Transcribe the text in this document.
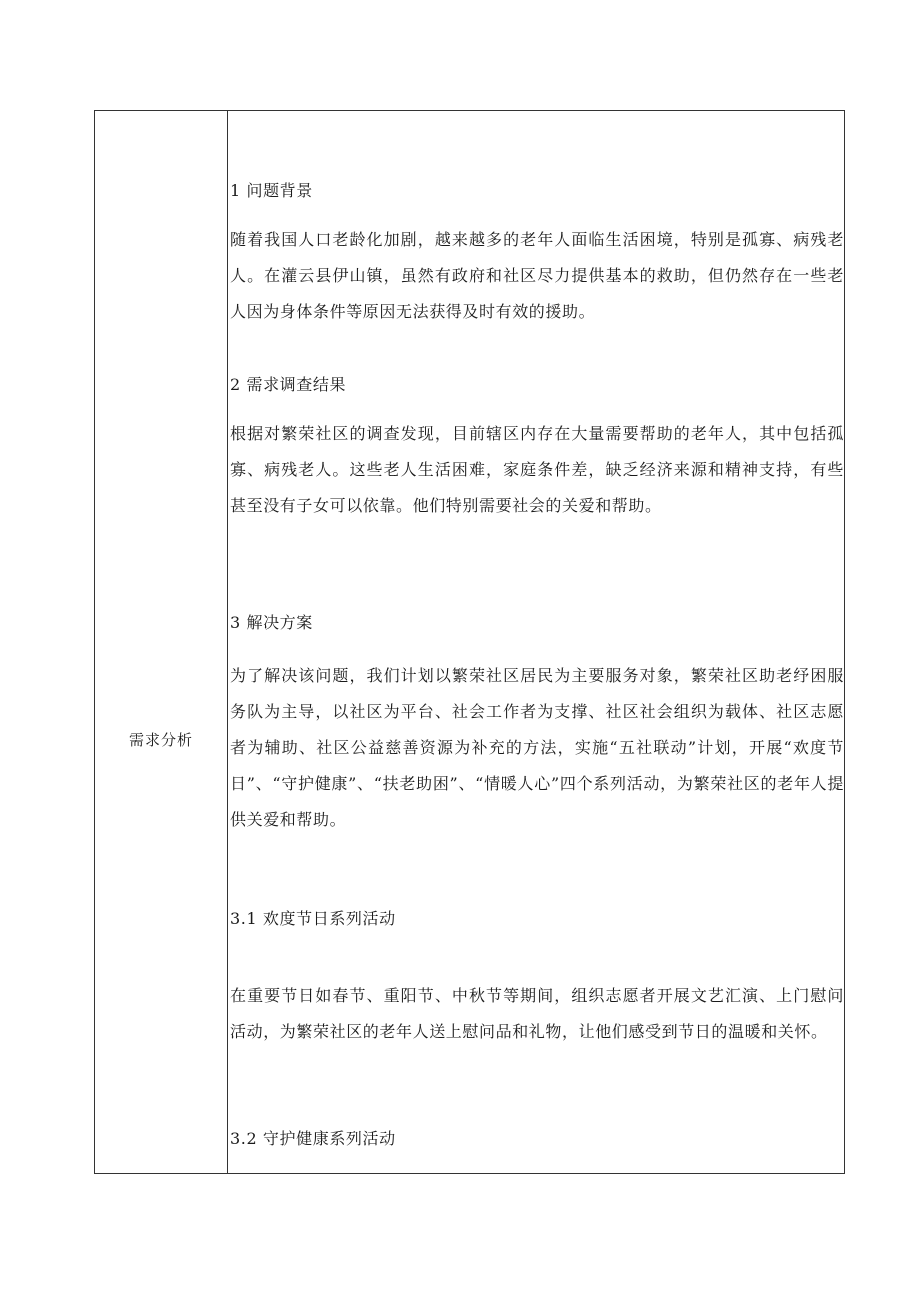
需求分析

1 问题背景

随着我国人口老龄化加剧，越来越多的老年人面临生活困境，特别是孤寡、病残老人。在灌云县伊山镇，虽然有政府和社区尽力提供基本的救助，但仍然存在一些老人因为身体条件等原因无法获得及时有效的援助。

2 需求调查结果

根据对繁荣社区的调查发现，目前辖区内存在大量需要帮助的老年人，其中包括孤寡、病残老人。这些老人生活困难，家庭条件差，缺乏经济来源和精神支持，有些甚至没有子女可以依靠。他们特别需要社会的关爱和帮助。

3 解决方案

为了解决该问题，我们计划以繁荣社区居民为主要服务对象，繁荣社区助老纾困服务队为主导，以社区为平台、社会工作者为支撑、社区社会组织为载体、社区志愿者为辅助、社区公益慈善资源为补充的方法，实施“五社联动”计划，开展“欢度节日”、“守护健康”、“扶老助困”、“情暖人心”四个系列活动，为繁荣社区的老年人提供关爱和帮助。

3.1 欢度节日系列活动

在重要节日如春节、重阳节、中秋节等期间，组织志愿者开展文艺汇演、上门慰问活动，为繁荣社区的老年人送上慰问品和礼物，让他们感受到节日的温暖和关怀。

3.2 守护健康系列活动
